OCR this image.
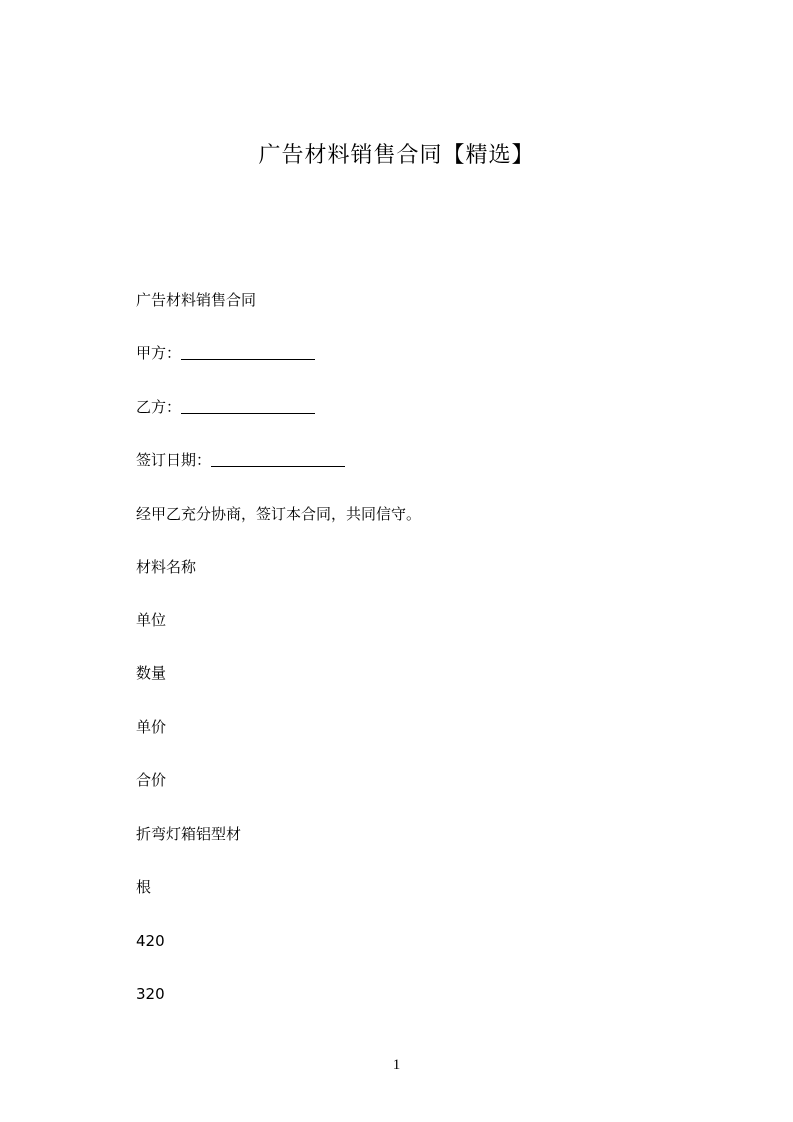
广告材料销售合同【精选】
广告材料销售合同
甲方：
乙方：
签订日期：
经甲乙充分协商，签订本合同，共同信守。
材料名称
单位
数量
单价
合价
折弯灯箱铝型材
根
420
320
1
